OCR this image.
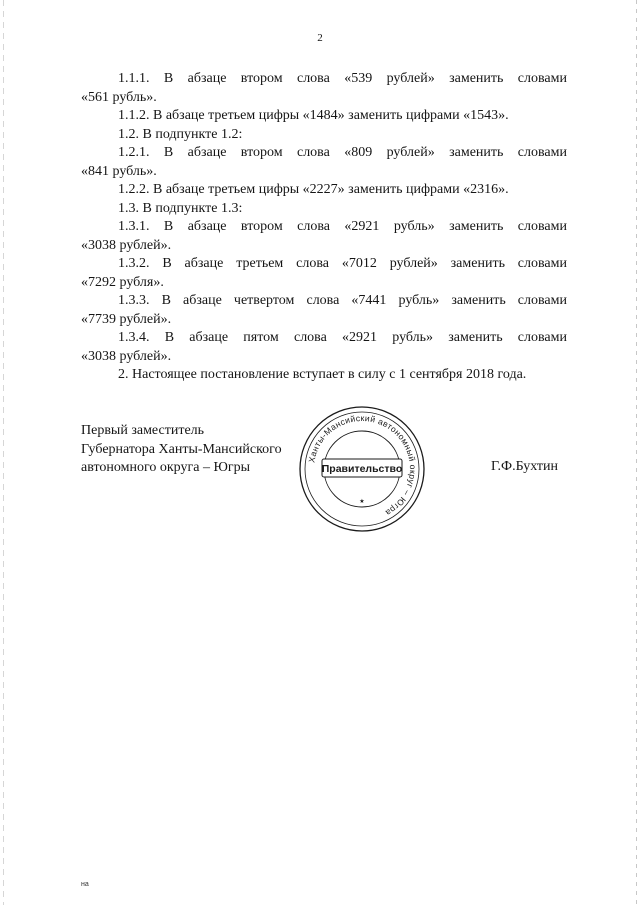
2

1.1.1. В абзаце втором слова «539 рублей» заменить словами
«561 рубль».

1.1.2. В абзаце третьем цифры «1484» заменить цифрами «1543».

1.2. В подпункте 1.2:

1.2.1. В абзаце втором слова «809 рублей» заменить словами
«841 рубль».

1.2.2. В абзаце третьем цифры «2227» заменить цифрами «2316».

1.3. В подпункте 1.3:

1.3.1. В абзаце втором слова «2921 рубль» заменить словами
«3038 рублей».

1.3.2. В абзаце третьем слова «7012 рублей» заменить словами
«7292 рубля».

1.3.3. В абзаце четвертом слова «7441 рубль» заменить словами
«7739 рублей».

1.3.4. В абзаце пятом слова «2921 рубль» заменить словами
«3038 рублей».

2. Настоящее постановление вступает в силу с 1 сентября 2018 года.

Первый заместитель
Губернатора Ханты-Мансийского
автономного округа – Югры
Ханты-Мансийский автономный округ – Югра
Правительство
★
Г.Ф.Бухтин
на
